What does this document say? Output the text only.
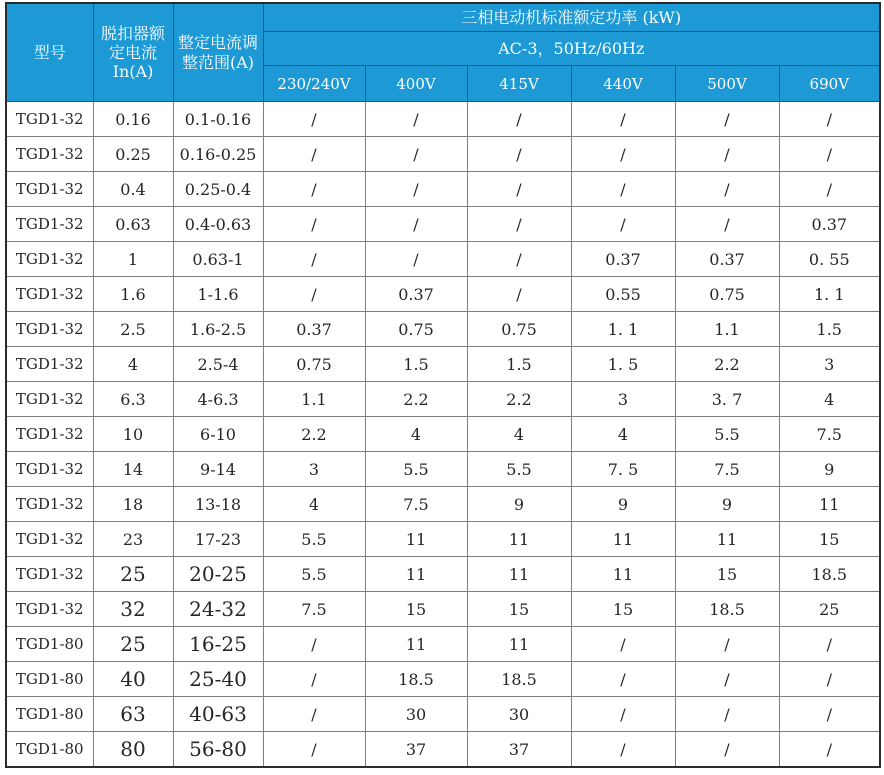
型号	脱扣器额定电流 In(A)	整定电流调整范围(A)	三相电动机标准额定功率 (kW)					
			AC-3，50Hz/60Hz					
			230/240V	400V	415V	440V	500V	690V
TGD1-32	0.16	0.1-0.16	/	/	/	/	/	/
TGD1-32	0.25	0.16-0.25	/	/	/	/	/	/
TGD1-32	0.4	0.25-0.4	/	/	/	/	/	/
TGD1-32	0.63	0.4-0.63	/	/	/	/	/	0.37
TGD1-32	1	0.63-1	/	/	/	0.37	0.37	0. 55
TGD1-32	1.6	1-1.6	/	0.37	/	0.55	0.75	1. 1
TGD1-32	2.5	1.6-2.5	0.37	0.75	0.75	1. 1	1.1	1.5
TGD1-32	4	2.5-4	0.75	1.5	1.5	1. 5	2.2	3
TGD1-32	6.3	4-6.3	1.1	2.2	2.2	3	3. 7	4
TGD1-32	10	6-10	2.2	4	4	4	5.5	7.5
TGD1-32	14	9-14	3	5.5	5.5	7. 5	7.5	9
TGD1-32	18	13-18	4	7.5	9	9	9	11
TGD1-32	23	17-23	5.5	11	11	11	11	15
TGD1-32	25	20-25	5.5	11	11	11	15	18.5
TGD1-32	32	24-32	7.5	15	15	15	18.5	25
TGD1-80	25	16-25	/	11	11	/	/	/
TGD1-80	40	25-40	/	18.5	18.5	/	/	/
TGD1-80	63	40-63	/	30	30	/	/	/
TGD1-80	80	56-80	/	37	37	/	/	/
